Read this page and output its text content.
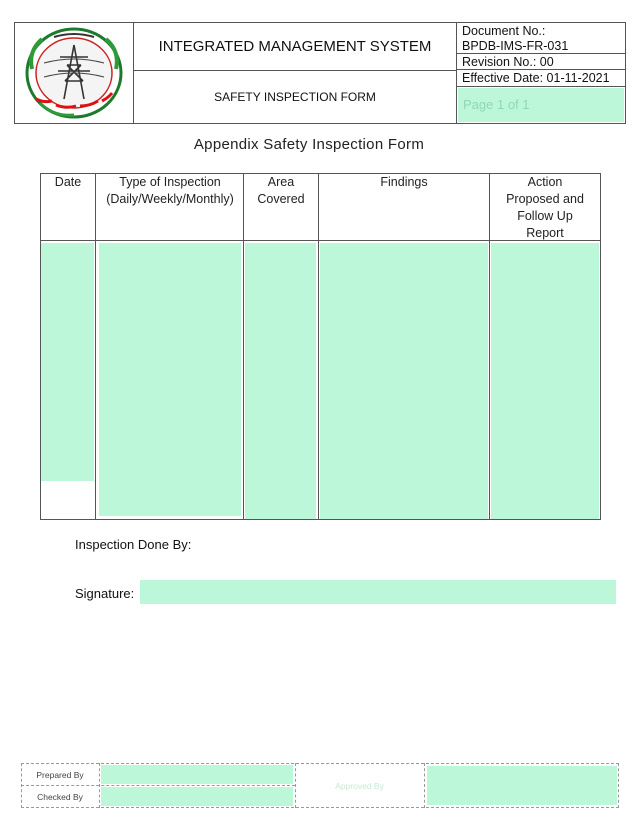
INTEGRATED MANAGEMENT SYSTEM
SAFETY INSPECTION FORM
Document No.:
BPDB-IMS-FR-031
Revision No.: 00
Effective Date: 01-11-2021
Page 1 of 1
Appendix Safety Inspection Form
Date	Type of Inspection (Daily/Weekly/Monthly)
Area Covered
Findings	Action Proposed and Follow Up Report
Inspection Done By:
Signature:
Prepared By
Checked By
Approved By
